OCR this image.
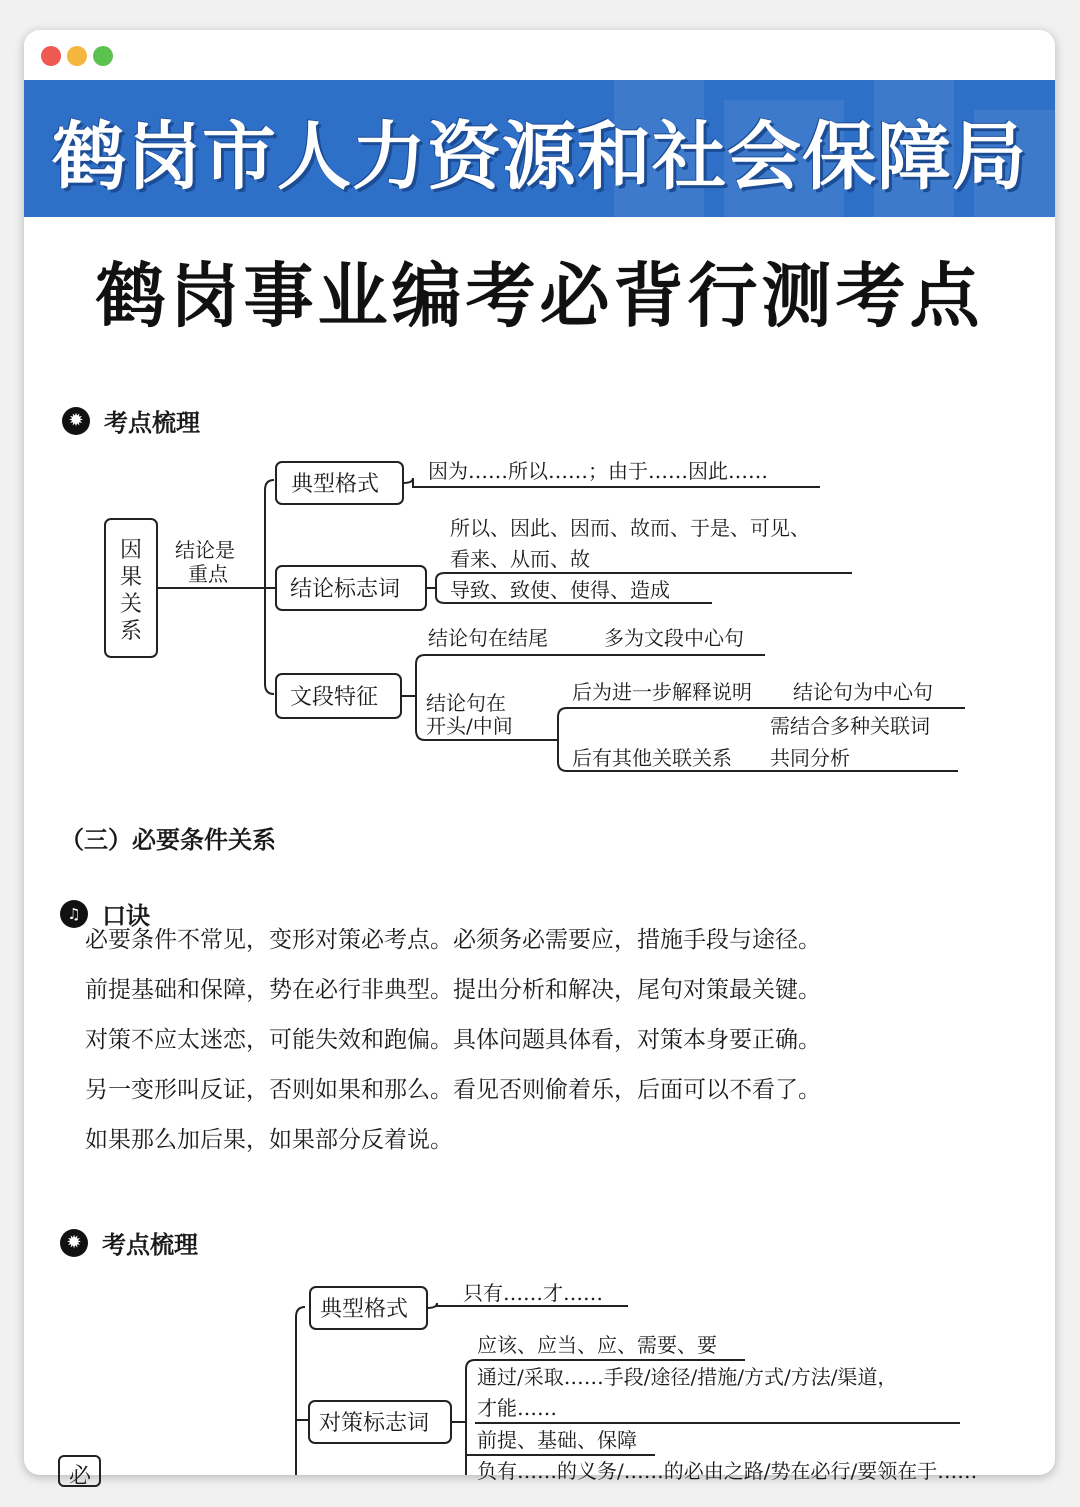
鹤岗市人力资源和社会保障局
鹤岗事业编考必背行测考点
✹ 考点梳理
因
果
关
系
典型格式
结论标志词
文段特征
结论是
重点
因为……所以……；由于……因此……
所以、因此、因而、故而、于是、可见、
看来、从而、故
导致、致使、使得、造成
结论句在结尾	多为文段中心句
结论句在
开头/中间
后为进一步解释说明 结论句为中心句
需结合多种关联词
后有其他关联关系 共同分析
典型格式
对策标志词
必
只有……才……
应该、应当、应、需要、要
通过/采取……手段/途径/措施/方式/方法/渠道，
才能……
前提、基础、保障
负有……的义务/……的必由之路/势在必行/要领在于……
（三）必要条件关系
♫ 口诀
必要条件不常见，变形对策必考点。必须务必需要应，措施手段与途径。
前提基础和保障，势在必行非典型。提出分析和解决，尾句对策最关键。
对策不应太迷恋，可能失效和跑偏。具体问题具体看，对策本身要正确。
另一变形叫反证，否则如果和那么。看见否则偷着乐，后面可以不看了。
如果那么加后果，如果部分反着说。
✹ 考点梳理
